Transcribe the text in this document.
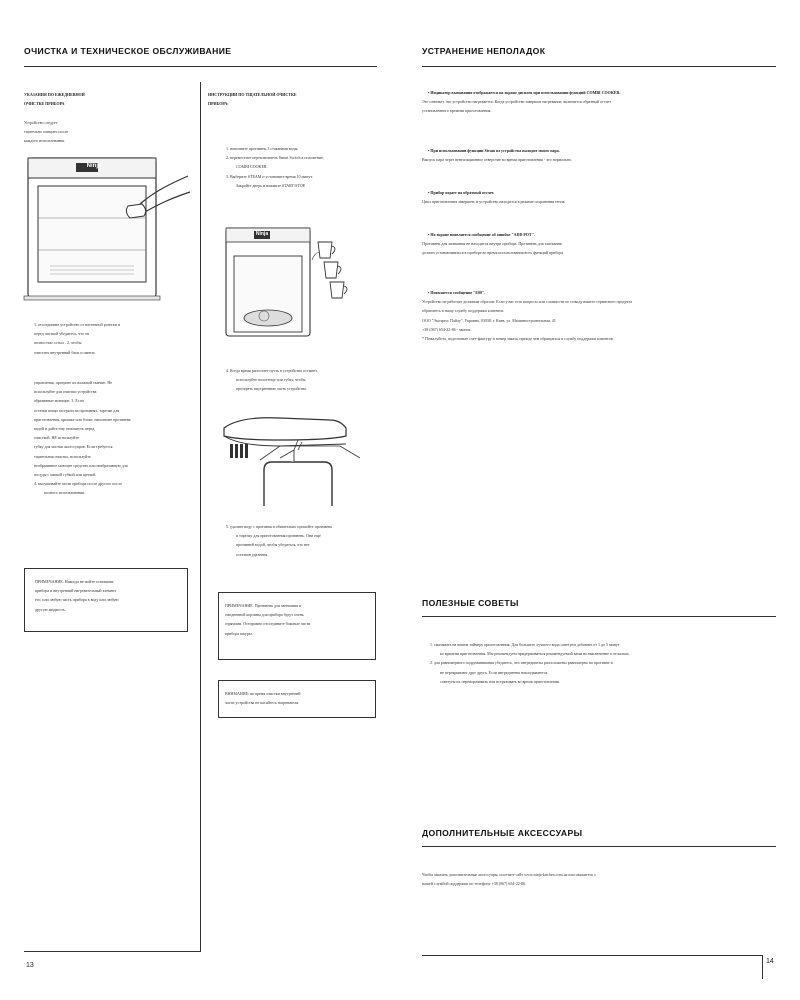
ОЧИСТКА И ТЕХНИЧЕСКОЕ ОБСЛУЖИВАНИЕ
13
УКАЗАНИЯ ПО ЕЖЕДНЕВНОЙ
ОЧИСТКЕ ПРИБОРА
Устройство следует
тщательно очищать после
каждого использования.
Ninja
1. отсоедините устройство от настенной розетки и
перед чисткой убедитесь, что он
полностью остыл . 2. чтобы
очистить внутренний блок и панель
управления, протрите их влажной тканью. Не
используйте для очистки устройства
абразивные моющие. 3. Если
остатки пищи застряли на противнях, тарелке для
приготовления, крышке или блоке, наполните противень
водой и дайте ему отмокнуть перед
очисткой. НЕ используйте
губку для чистки аксессуаров. Если требуется
тщательная очистка, используйте
неабразивное моющее средство или неабразивную для
посуды с мягкой губкой или щеткой.
4. высушивайте части прибора после другого после
полного использования.
ПРИМЕЧАНИЕ. Никогда не мойте основание
прибора и внутренний нагревательный элемент
его, или любую часть прибора в воду или любую
другую жидкость.
ИНСТРУКЦИИ ПО ТЩАТЕЛЬНОЙ ОЧИСТКЕ
ПРИБОРА:
1. наполните противень 3 стаканами воды.
2. переместите переключатель Smart Switch в положение,
COMBI COOKER.
3. Выберите STEAM и установите время 10 минут.
Закройте дверь и нажмите START/STOP.
Ninja
4. Когда время распотает пусть в устройство остынет,
используйте полотенце или губку, чтобы
протереть внутреннюю часть устройства.
5. удалите воду с противня и обязательно промойте противень
и тарелку для приготовления противень. Они ещё
противней водой, чтобы убедиться, что нет
остатков удаления.
ПРИМЕЧАНИЕ. Противень для запекания и
ежедневной корзины для прибора будут очень
горячими. Осторожно отсоедините боковые части
прибора шкуры.
ВНИМАНИЕ: во время очистки внутренней
части устройства не касайтесь нагревателя.
УСТРАНЕНИЕ НЕПОЛАДОК
• Индикатор вызывания отображается на экране дисплея при использовании функций COMBI COOKER.
Это означает, что устройство нагревается. Когда устройство завершит нагревание, включится обратный отсчет
установленного времени приготовления.
• При использовании функции Steam из устройства выходит много пара.
Выпуск пара через вентиляционное отверстие во время приготовления - это нормально.
• Прибор издает на обратный отсчет.
Цикл приготовления завершен, и устройство находится в режиме сохранения тепла.
• На экране появляется сообщение об ошибке "ADD POT".
Противень для запекания не находится внутри прибора. Противень для запекания
должен устанавливаться в приборе во время использования всех функций прибора.
• Появляется сообщение "E00".
Устройство не работает должным образом. Если у вас есть вопросы или сложности по поводу вашего сервисного продукта
обратитесь в нашу службу поддержки клиентов.
ООО "Экспресс Пэйлу", Украина, 03038, г. Киев, ул. Машиностроительная, 41
+38 (067) 654-22-86 - звонок.
* Пожалуйста, подготовьте счет-фактуру и номер заказа, прежде чем обращаться в службу поддержки клиентов.
ПОЛЕЗНЫЕ СОВЕТЫ
1. смазывать на вашем таймеру приготовления. Для большего лучшего вида советуем добавить от 1 до 5 минут
ко времени приготовления. Мы рекомендуем придерживаться рекомендуемой вами на выключение в отсылках.
2. для равномерного подрумянивания убедитесь, что ингредиенты расположены равномерно на противне и
не перекрывают друг друга. Если ингредиенты накладываются
советуем их переворачивать или встряхивать во время приготовления.
ДОПОЛНИТЕЛЬНЫЕ АКСЕССУАРЫ
Чтобы заказать дополнительные аксессуары, посетите сайт www.ninja-kitchen.com.ua или свяжитесь с
нашей службой поддержки по телефону +38 (067) 654-22-86.
14
